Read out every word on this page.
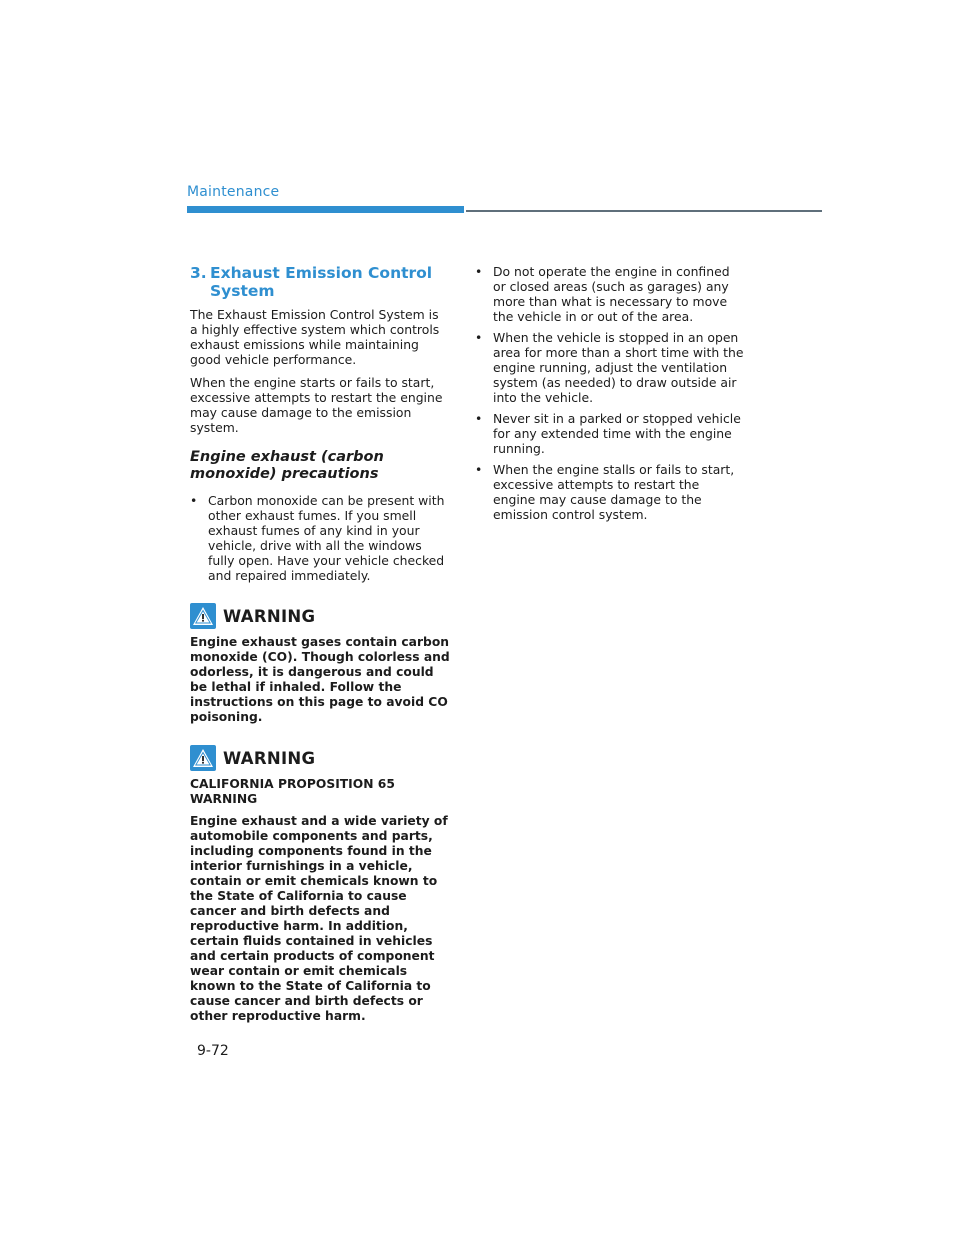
Maintenance
3. Exhaust Emission Control
System

The Exhaust Emission Control System is a highly effective system which controls exhaust emissions while maintaining good vehicle performance.

When the engine starts or fails to start, excessive attempts to restart the engine may cause damage to the emission system.

Engine exhaust (carbon monoxide) precautions
• Carbon monoxide can be present with other exhaust fumes. If you smell exhaust fumes of any kind in your vehicle, drive with all the windows fully open. Have your vehicle checked and repaired immediately.
WARNING

Engine exhaust gases contain carbon monoxide (CO). Though colorless and odorless, it is dangerous and could be lethal if inhaled. Follow the instructions on this page to avoid CO poisoning.

WARNING

CALIFORNIA PROPOSITION 65 WARNING

Engine exhaust and a wide variety of automobile components and parts, including components found in the interior furnishings in a vehicle, contain or emit chemicals known to the State of California to cause cancer and birth defects and reproductive harm. In addition, certain fluids contained in vehicles and certain products of component wear contain or emit chemicals known to the State of California to cause cancer and birth defects or other reproductive harm.

• Do not operate the engine in confined or closed areas (such as garages) any more than what is necessary to move the vehicle in or out of the area.
• When the vehicle is stopped in an open area for more than a short time with the engine running, adjust the ventilation system (as needed) to draw outside air into the vehicle.
• Never sit in a parked or stopped vehicle for any extended time with the engine running.
• When the engine stalls or fails to start, excessive attempts to restart the engine may cause damage to the emission control system.
9-72
